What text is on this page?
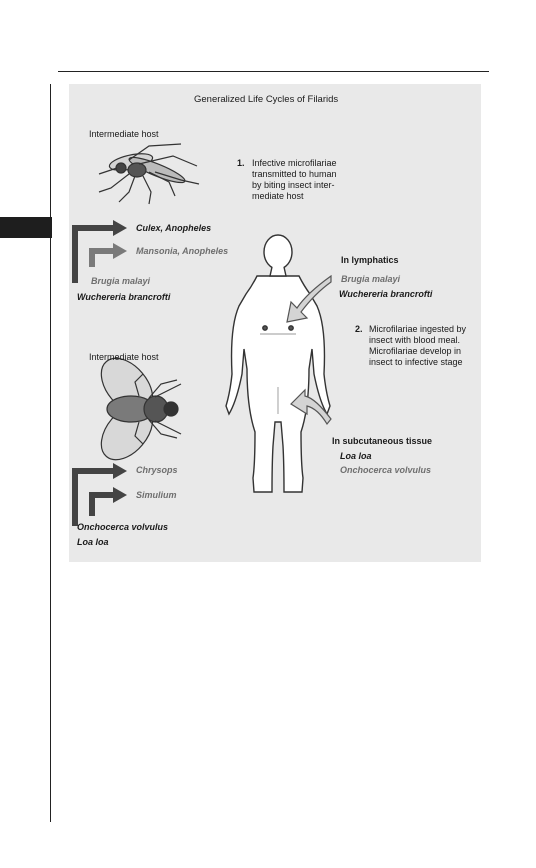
Generalized Life Cycles of Filarids
Intermediate host
1. Infective microfilariae
transmitted to human
by biting insect inter-
mediate host
Culex, Anopheles
Mansonia, Anopheles
Brugia malayi
Wuchereria brancrofti
In lymphatics
Brugia malayi
Wuchereria brancrofti
2. Microfilariae ingested by
insect with blood meal.
Microfilariae develop in
insect to infective stage
Intermediate host
In subcutaneous tissue
Loa loa
Onchocerca volvulus
Chrysops
Simulium
Onchocerca volvulus
Loa loa
